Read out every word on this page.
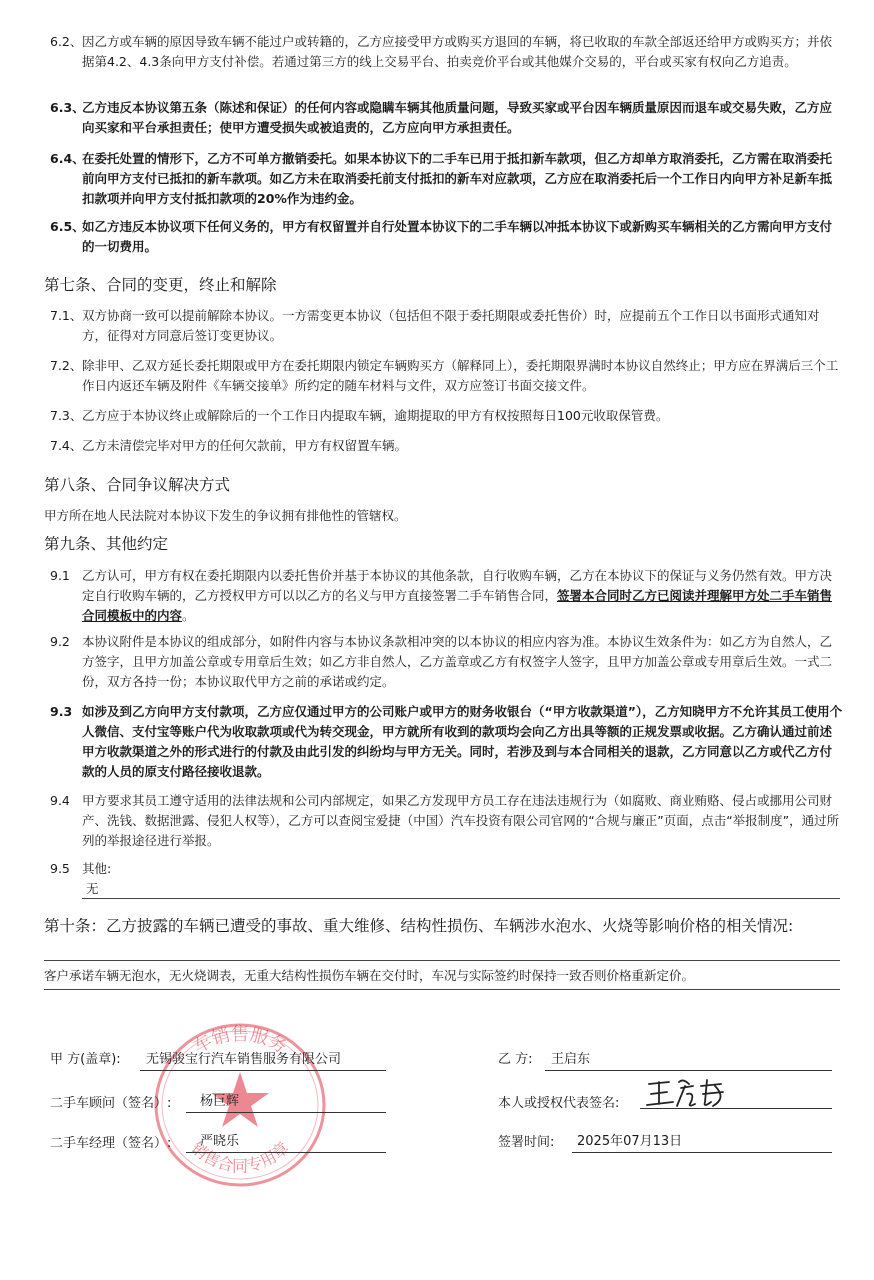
6.2、 因乙方或车辆的原因导致车辆不能过户或转籍的，乙方应接受甲方或购买方退回的车辆，将已收取的车款全部返还给甲方或购买方；并依据第4.2、4.3条向甲方支付补偿。若通过第三方的线上交易平台、拍卖竞价平台或其他媒介交易的，平台或买家有权向乙方追责。
6.3、
乙方违反本协议第五条（陈述和保证）的任何内容或隐瞒车辆其他质量问题，导致买家或平台因车辆质量原因而退车或交易失败，乙方应向买家和平台承担责任；使甲方遭受损失或被追责的，乙方应向甲方承担责任。
6.4、
在委托处置的情形下，乙方不可单方撤销委托。如果本协议下的二手车已用于抵扣新车款项，但乙方却单方取消委托，乙方需在取消委托前向甲方支付已抵扣的新车款项。如乙方未在取消委托前支付抵扣的新车对应款项，乙方应在取消委托后一个工作日内向甲方补足新车抵扣款项并向甲方支付抵扣款项的20%作为违约金。
6.5、
如乙方违反本协议项下任何义务的，甲方有权留置并自行处置本协议下的二手车辆以冲抵本协议下或新购买车辆相关的乙方需向甲方支付的一切费用。
第七条、合同的变更，终止和解除
7.1、 双方协商一致可以提前解除本协议。一方需变更本协议（包括但不限于委托期限或委托售价）时，应提前五个工作日以书面形式通知对方，征得对方同意后签订变更协议。
7.2、 除非甲、乙双方延长委托期限或甲方在委托期限内锁定车辆购买方（解释同上），委托期限界满时本协议自然终止；甲方应在界满后三个工作日内返还车辆及附件《车辆交接单》所约定的随车材料与文件，双方应签订书面交接文件。
7.3、 乙方应于本协议终止或解除后的一个工作日内提取车辆，逾期提取的甲方有权按照每日100元收取保管费。
7.4、 乙方未清偿完毕对甲方的任何欠款前，甲方有权留置车辆。
第八条、合同争议解决方式
甲方所在地人民法院对本协议下发生的争议拥有排他性的管辖权。
第九条、其他约定
9.1 乙方认可，甲方有权在委托期限内以委托售价并基于本协议的其他条款，自行收购车辆，乙方在本协议下的保证与义务仍然有效。甲方决定自行收购车辆的，乙方授权甲方可以以乙方的名义与甲方直接签署二手车销售合同，签署本合同时乙方已阅读并理解甲方处二手车销售合同模板中的内容。
9.2 本协议附件是本协议的组成部分，如附件内容与本协议条款相冲突的以本协议的相应内容为准。本协议生效条件为：如乙方为自然人，乙方签字，且甲方加盖公章或专用章后生效；如乙方非自然人，乙方盖章或乙方有权签字人签字，且甲方加盖公章或专用章后生效。一式二份，双方各持一份；本协议取代甲方之前的承诺或约定。
9.3 如涉及到乙方向甲方支付款项，乙方应仅通过甲方的公司账户或甲方的财务收银台（“甲方收款渠道”），乙方知晓甲方不允许其员工使用个人微信、支付宝等账户代为收取款项或代为转交现金，甲方就所有收到的款项均会向乙方出具等额的正规发票或收据。乙方确认通过前述甲方收款渠道之外的形式进行的付款及由此引发的纠纷均与甲方无关。同时，若涉及到与本合同相关的退款，乙方同意以乙方或代乙方付款的人员的原支付路径接收退款。
9.4 甲方要求其员工遵守适用的法律法规和公司内部规定，如果乙方发现甲方员工存在违法违规行为（如腐败、商业贿赂、侵占或挪用公司财产、洗钱、数据泄露、侵犯人权等），乙方可以查阅宝爱捷（中国）汽车投资有限公司官网的“合规与廉正”页面，点击“举报制度”，通过所列的举报途径进行举报。
9.5 其他:
无
第十条：乙方披露的车辆已遭受的事故、重大维修、结构性损伤、车辆涉水泡水、火烧等影响价格的相关情况:
客户承诺车辆无泡水，无火烧调表，无重大结构性损伤车辆在交付时，车况与实际签约时保持一致否则价格重新定价。
车销售服务
销售合同专用章
甲 方(盖章): 无锡骏宝行汽车销售服务有限公司
二手车顾问（签名）: 杨巨辉
二手车经理（签名）: 严晓乐
乙 方: 王启东
本人或授权代表签名:
签署时间: 2025年07月13日
